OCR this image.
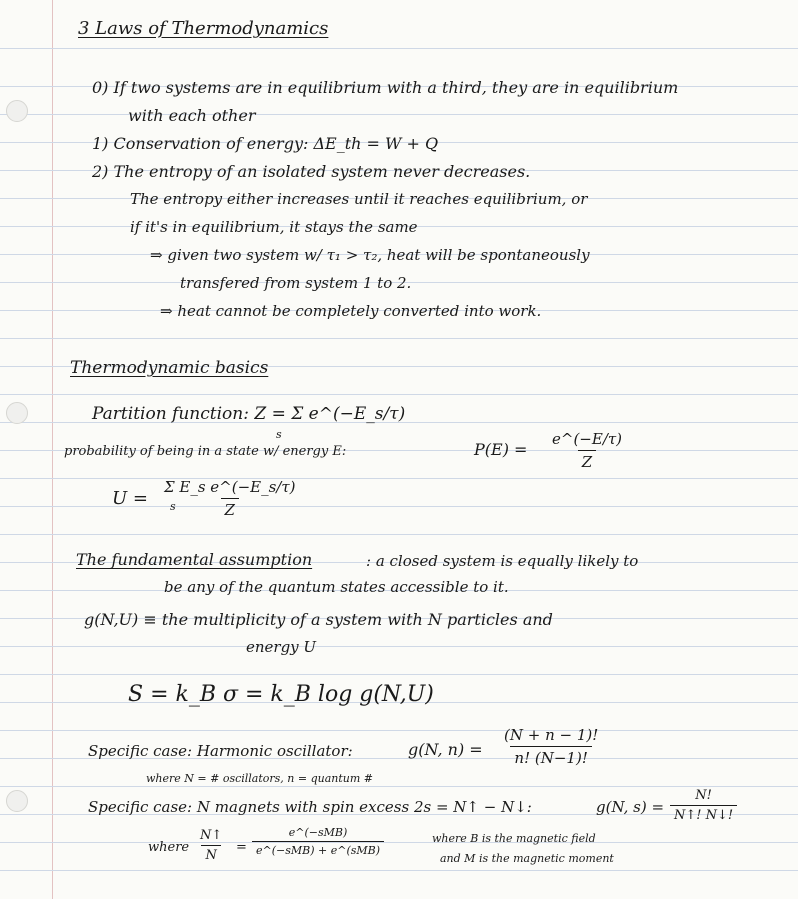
3 Laws of Thermodynamics
0) If two systems are in equilibrium with a third, they are in equilibrium
with each other
1) Conservation of energy: ΔE_th = W + Q
2) The entropy of an isolated system never decreases.
The entropy either increases until it reaches equilibrium, or
if it's in equilibrium, it stays the same
⇒ given two system w/ τ₁ > τ₂, heat will be spontaneously
transfered from system 1 to 2.
⇒ heat cannot be completely converted into work.
Thermodynamic basics
Partition function: Z = Σ e^(−E_s/τ)
s
probability of being in a state w/ energy E:	$P(E) = \frac{e\^{}(-E/\tau)}{Z}$
$U = \frac{\text{Σ E\_s e\textasciicircum{}(−E\_s/τ)}}{Z}$
s
The fundamental assumption	: a closed system is equally likely to
be any of the quantum states accessible to it.
g(N,U) ≡ the multiplicity of a system with N particles and
energy U
S = k_B σ = k_B log g(N,U)
Specific case: Harmonic oscillator:	g(N, $n) = \frac{(N + n - 1)!}{n! (N-1)!}$
where N = # oscillators, n = quantum #
Specific case: N magnets with spin excess 2s = N↑ − N↓:	g(N, $s) = \frac{N!}{N↑! N↓!}$
where $\frac{N↑}{N}$ =
e^(−sMB)
e^(−sMB) + e^(sMB)
where B is the magnetic field
and M is the magnetic moment
